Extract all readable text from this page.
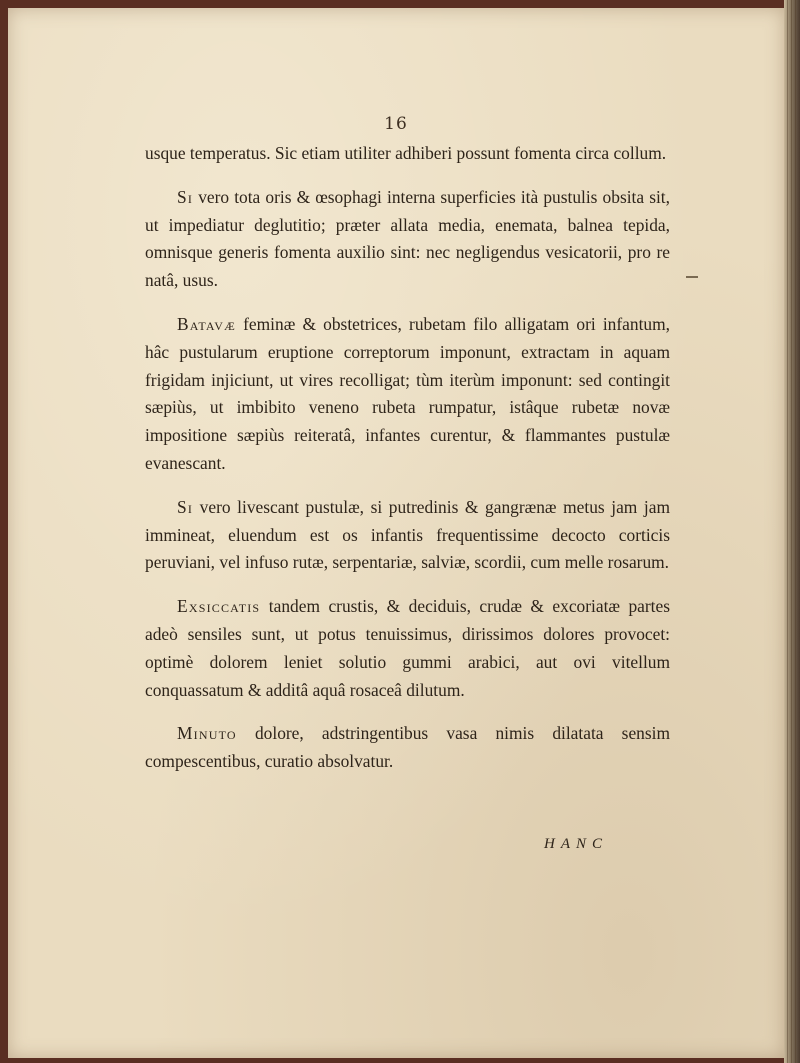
16

usque temperatus. Sic etiam utiliter adhiberi possunt fomenta circa collum.

Si vero tota oris & œsophagi interna superficies ità pustulis obsita sit, ut impediatur deglutitio; præter allata media, enemata, balnea tepida, omnisque generis fomenta auxilio sint: nec negligendus vesicatorii, pro re natâ, usus.

Batavæ feminæ & obstetrices, rubetam filo alligatam ori infantum, hâc pustularum eruptione correptorum imponunt, extractam in aquam frigidam injiciunt, ut vires recolligat; tùm iterùm imponunt: sed contingit sæpiùs, ut imbibito veneno rubeta rumpatur, istâque rubetæ novæ impositione sæpiùs reiteratâ, infantes curentur, & flammantes pustulæ evanescant.

Si vero livescant pustulæ, si putredinis & gangrænæ metus jam jam immineat, eluendum est os infantis frequentissime decocto corticis peruviani, vel infuso rutæ, serpentariæ, salviæ, scordii, cum melle rosarum.

Exsiccatis tandem crustis, & deciduis, crudæ & excoriatæ partes adeò sensiles sunt, ut potus tenuissimus, dirissimos dolores provocet: optimè dolorem leniet solutio gummi arabici, aut ovi vitellum conquassatum & additâ aquâ rosaceâ dilutum.

Minuto dolore, adstringentibus vasa nimis dilatata sensim compescentibus, curatio absolvatur.

HANC
